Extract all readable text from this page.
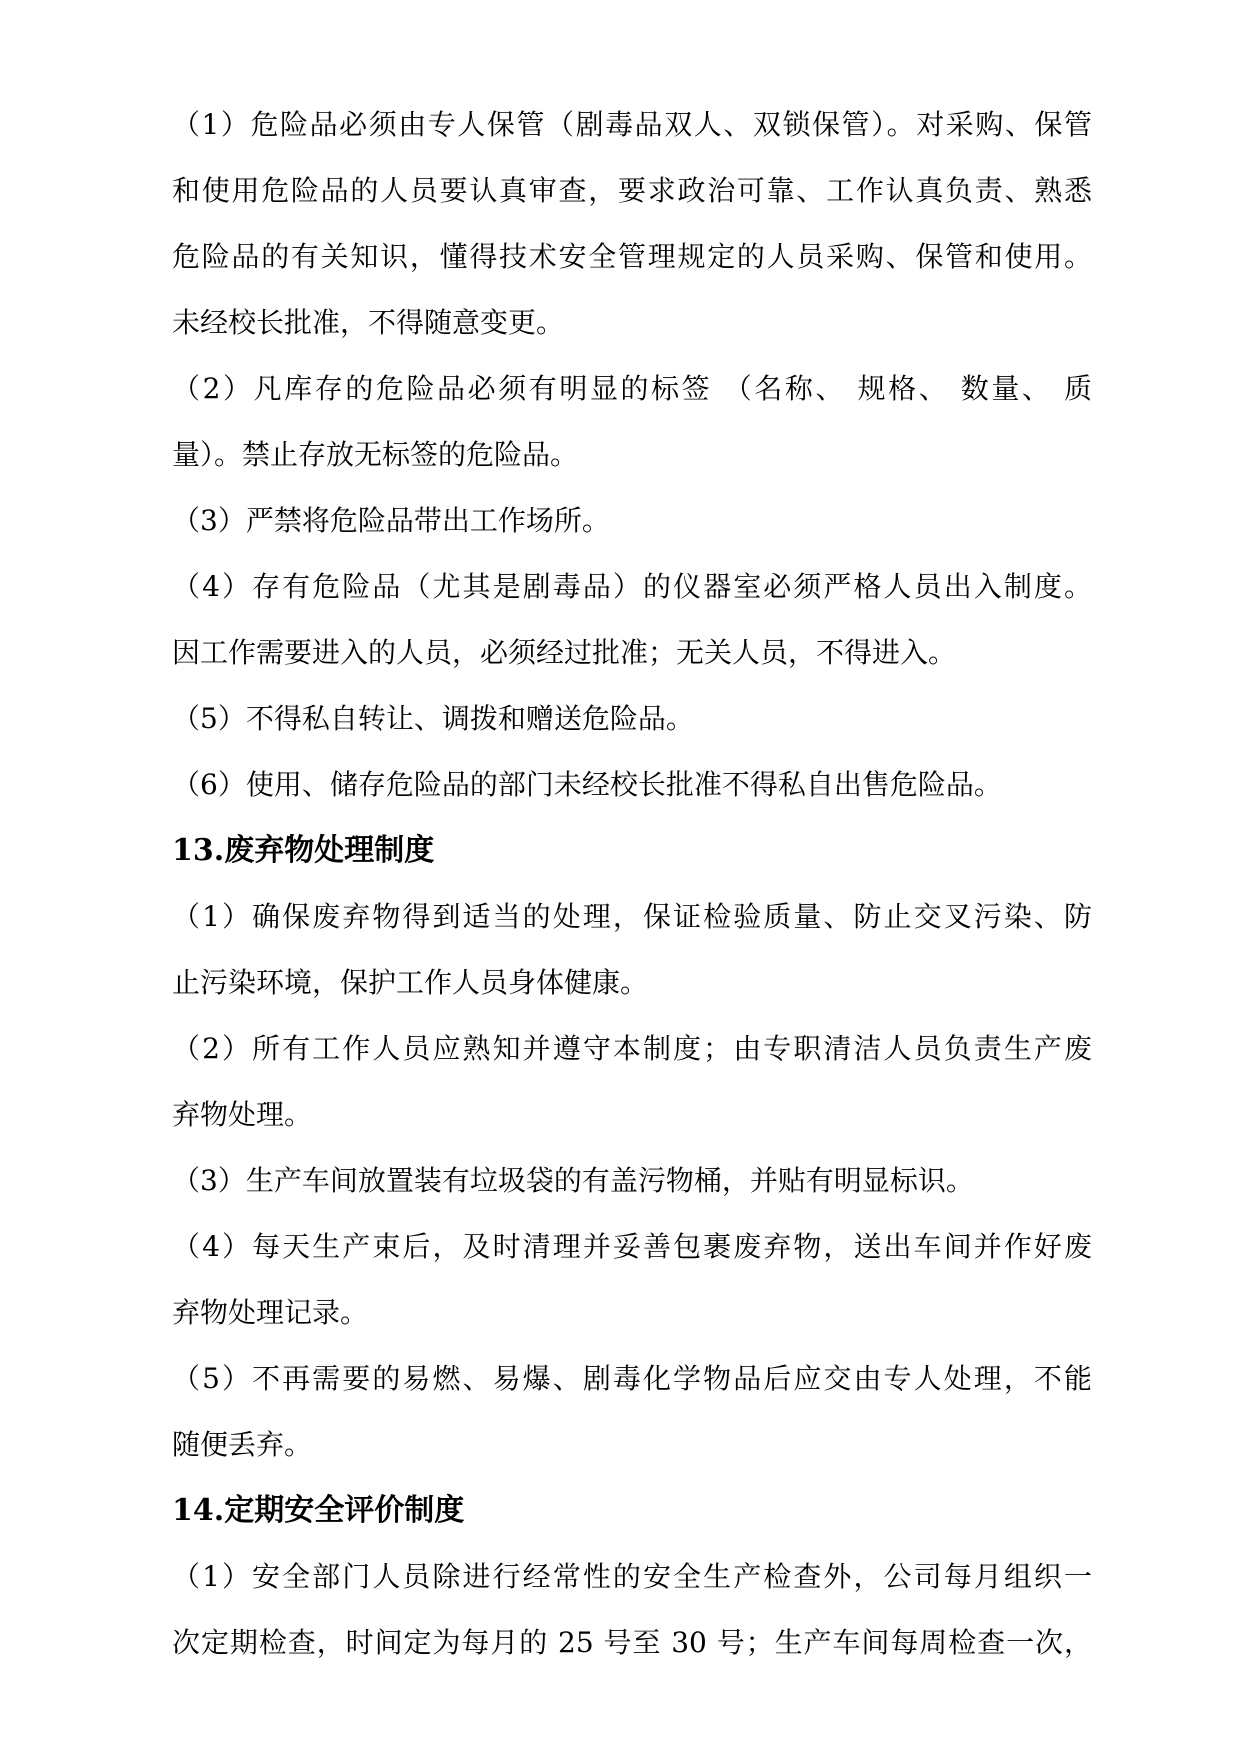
（1）危险品必须由专人保管（剧毒品双人、双锁保管）。对采购、保管
和使用危险品的人员要认真审查，要求政治可靠、工作认真负责、熟悉
危险品的有关知识，懂得技术安全管理规定的人员采购、保管和使用。
未经校长批准，不得随意变更。
（2）凡库存的危险品必须有明显的标签 （名称、 规格、 数量、 质
量）。禁止存放无标签的危险品。
（3）严禁将危险品带出工作场所。
（4）存有危险品（尤其是剧毒品）的仪器室必须严格人员出入制度。
因工作需要进入的人员，必须经过批准；无关人员，不得进入。
（5）不得私自转让、调拨和赠送危险品。
（6）使用、储存危险品的部门未经校长批准不得私自出售危险品。
13.废弃物处理制度
（1）确保废弃物得到适当的处理，保证检验质量、防止交叉污染、防
止污染环境，保护工作人员身体健康。
（2）所有工作人员应熟知并遵守本制度；由专职清洁人员负责生产废
弃物处理。
（3）生产车间放置装有垃圾袋的有盖污物桶，并贴有明显标识。
（4）每天生产束后，及时清理并妥善包裹废弃物，送出车间并作好废
弃物处理记录。
（5）不再需要的易燃、易爆、剧毒化学物品后应交由专人处理，不能
随便丢弃。
14.定期安全评价制度
（1）安全部门人员除进行经常性的安全生产检查外，公司每月组织一
次定期检查，时间定为每月的 25 号至 30 号；生产车间每周检查一次，
